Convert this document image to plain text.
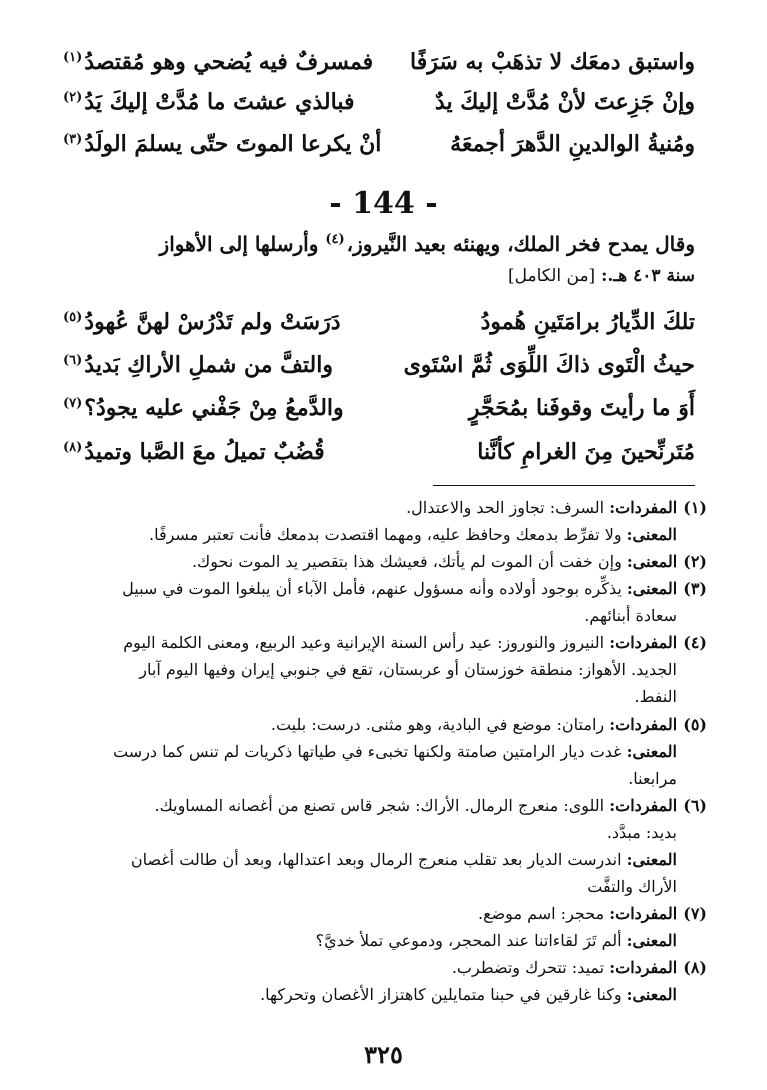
واستبق دمعَك لا تذهَبْ به سَرَفًا
فمسرفٌ فيه يُضحي وهو مُقتصدُ$^{(١)}$
وإنْ جَزِعتَ لأنْ مُدَّتْ إليكَ يدٌ
فبالذي عشتَ ما مُدَّتْ إليكَ يَدُ$^{(٢)}$
ومُنيةُ الوالدينِ الدَّهرَ أجمعَهُ
أنْ يكرعا الموتَ حتّى يسلمَ الولَدُ$^{(٣)}$
- 144 -
وقال يمدح فخر الملك، ويهنئه بعيد النَّيروز،$^{(٤)}$ وأرسلها إلى الأهواز
سنة ٤٠٣ هـ.: [من الكامل]
تلكَ الدِّيارُ برامَتَينِ هُمودُ
دَرَسَتْ ولم تَدْرُسْ لهنَّ عُهودُ$^{(٥)}$
حيثُ الْتَوى ذاكَ اللِّوَى ثُمَّ اسْتَوى
والتفَّ من شملِ الأراكِ بَديدُ$^{(٦)}$
أَوَ ما رأيتَ وقوفَنا بمُحَجَّرٍ
والدَّمعُ مِنْ جَفْني عليه يجودُ؟$^{(٧)}$
مُتَرنِّحينَ مِنَ الغرامِ كأنَّنا
قُضُبٌ تميلُ معَ الصَّبا وتميدُ$^{(٨)}$
(١)المفردات: السرف: تجاوز الحد والاعتدال.
المعنى: ولا تفرِّط بدمعك وحافظ عليه، ومهما اقتصدت بدمعك فأنت تعتبر مسرفًا.
(٢)المعنى: وإن خفت أن الموت لم يأتك، فعيشك هذا بتقصير يد الموت نحوك.
(٣)المعنى: يذكِّره بوجود أولاده وأنه مسؤول عنهم، فأمل الآباء أن يبلغوا الموت في سبيل
سعادة أبنائهم.
(٤)المفردات: النيروز والنوروز: عيد رأس السنة الإيرانية وعيد الربيع، ومعنى الكلمة اليوم
الجديد. الأهواز: منطقة خوزستان أو عربستان، تقع في جنوبي إيران وفيها اليوم آبار
النفط.
(٥)المفردات: رامتان: موضع في البادية، وهو مثنى. درست: بليت.
المعنى: غدت ديار الرامتين صامتة ولكنها تخبىء في طياتها ذكريات لم تنس كما درست
مرابعنا.
(٦)المفردات: اللوى: منعرج الرمال. الأراك: شجر قاس تصنع من أغصانه المساويك.
بديد: مبدَّد.
المعنى: اندرست الديار بعد تقلب منعرج الرمال وبعد اعتدالها، وبعد أن طالت أغصان
الأراك والتفَّت
(٧)المفردات: محجر: اسم موضع.
المعنى: ألم تَرَ لقاءاتنا عند المحجر، ودموعي تملأ خديَّ؟
(٨)المفردات: تميد: تتحرك وتضطرب.
المعنى: وكنا غارقين في حبنا متمايلين كاهتزاز الأغصان وتحركها.
٣٢٥
